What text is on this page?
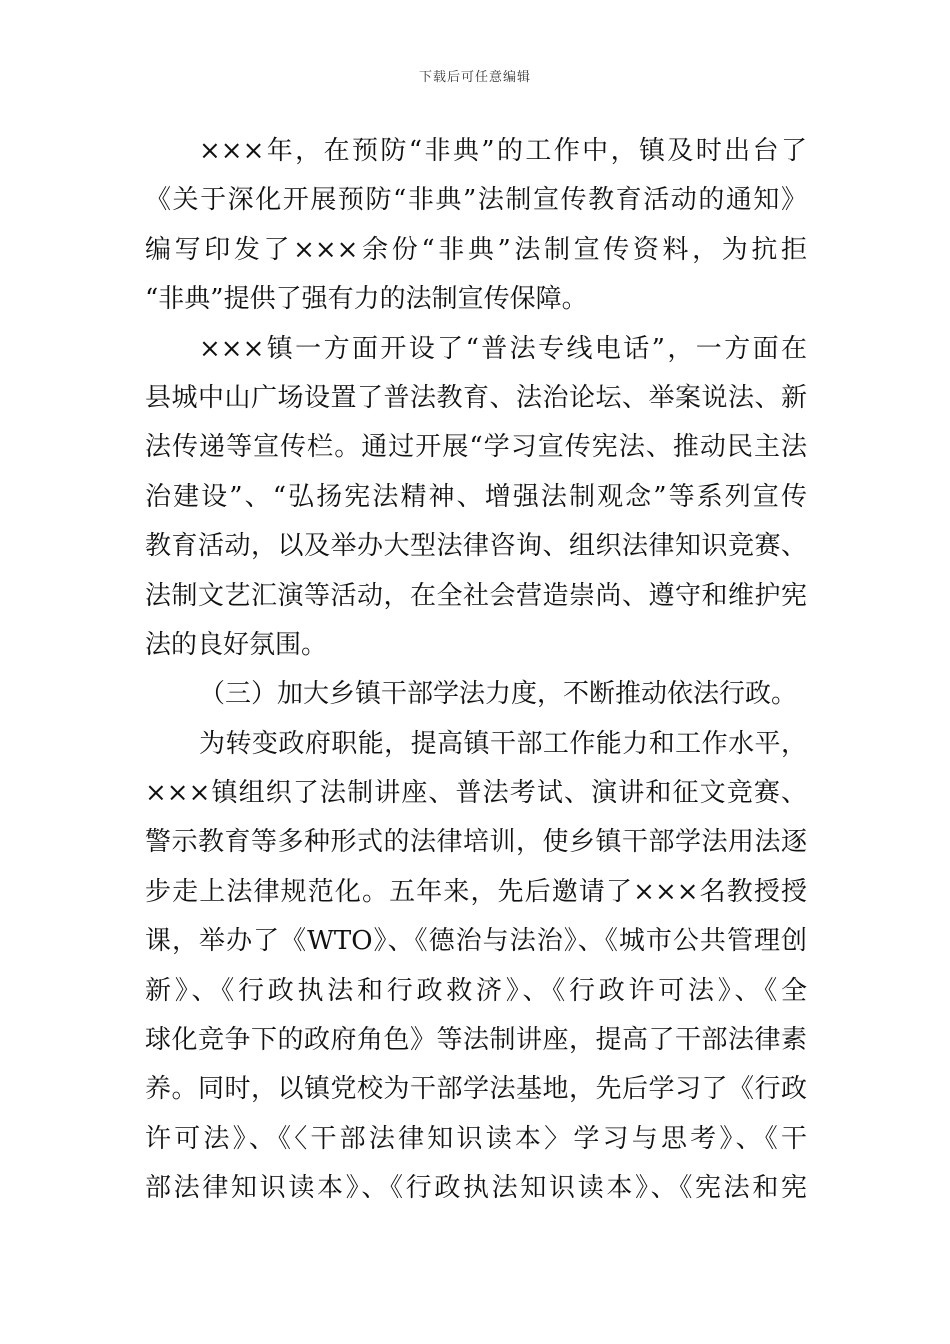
下载后可任意编辑
×××年，在预防“非典”的工作中，镇及时出台了
《关于深化开展预防“非典”法制宣传教育活动的通知》
编写印发了×××余份“非典”法制宣传资料，为抗拒
“非典”提供了强有力的法制宣传保障。
×××镇一方面开设了“普法专线电话”，一方面在
县城中山广场设置了普法教育、法治论坛、举案说法、新
法传递等宣传栏。通过开展“学习宣传宪法、推动民主法
治建设”、“弘扬宪法精神、增强法制观念”等系列宣传
教育活动，以及举办大型法律咨询、组织法律知识竞赛、
法制文艺汇演等活动，在全社会营造崇尚、遵守和维护宪
法的良好氛围。
（三）加大乡镇干部学法力度，不断推动依法行政。
为转变政府职能，提高镇干部工作能力和工作水平，
×××镇组织了法制讲座、普法考试、演讲和征文竞赛、
警示教育等多种形式的法律培训，使乡镇干部学法用法逐
步走上法律规范化。五年来，先后邀请了×××名教授授
课，举办了《WTO》、《德治与法治》、《城市公共管理创
新》、《行政执法和行政救济》、《行政许可法》、《全
球化竞争下的政府角色》等法制讲座，提高了干部法律素
养。同时，以镇党校为干部学法基地，先后学习了《行政
许可法》、《〈干部法律知识读本〉学习与思考》、《干
部法律知识读本》、《行政执法知识读本》、《宪法和宪
